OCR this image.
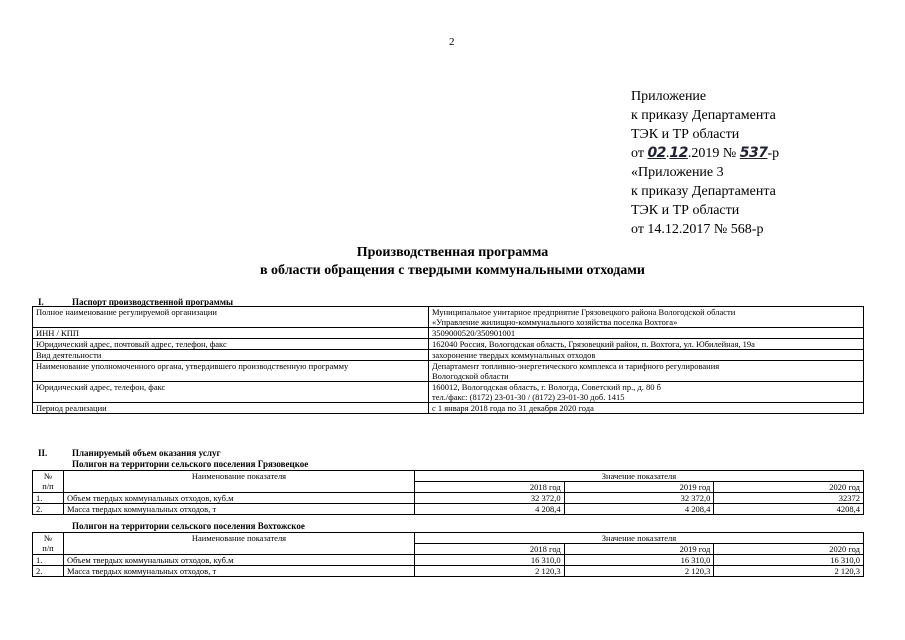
2
Приложение
к приказу Департамента
ТЭК и ТР области
от 02.12.2019 № 537-р
«Приложение 3
к приказу Департамента
ТЭК и ТР области
от 14.12.2017 № 568-р
Производственная программа
в области обращения с твердыми коммунальными отходами
I.	Паспорт производственной программы
Полное наименование регулируемой организации	Муниципальное унитарное предприятие Грязовецкого района Вологодской области
«Управление жилищно-коммунального хозяйства поселка Вохтога»

ИНН / КПП	3509000520/350901001

Юридический адрес, почтовый адрес, телефон, факс	162040 Россия, Вологодская область, Грязовецкий район, п. Вохтога, ул. Юбилейная, 19а

Вид деятельности	захоронение твердых коммунальных отходов

Наименование уполномоченного органа, утвердившего производственную программу	Департамент топливно-энергетического комплекса и тарифного регулирования
Вологодской области

Юридический адрес, телефон, факс	160012, Вологодская область, г. Вологда, Советский пр., д. 80 б
тел./факс: (8172) 23-01-30 / (8172) 23-01-30 доб. 1415

Период реализации	с 1 января 2018 года по 31 декабря 2020 года
II.	Планируемый объем оказания услуг
Полигон на территории сельского поселения Грязовецкое
№
п/п	Наименование показателя	Значение показателя		
		2018 год	2019 год	2020 год
1.	Объем твердых коммунальных отходов, куб.м	32 372,0	32 372,0	32372
2.	Масса твердых коммунальных отходов, т	4 208,4	4 208,4	4208,4
Полигон на территории сельского поселения Вохтожское
№
п/п	Наименование показателя	Значение показателя		
		2018 год	2019 год	2020 год
1.	Объем твердых коммунальных отходов, куб.м	16 310,0	16 310,0	16 310,0
2.	Масса твердых коммунальных отходов, т	2 120,3	2 120,3	2 120,3
